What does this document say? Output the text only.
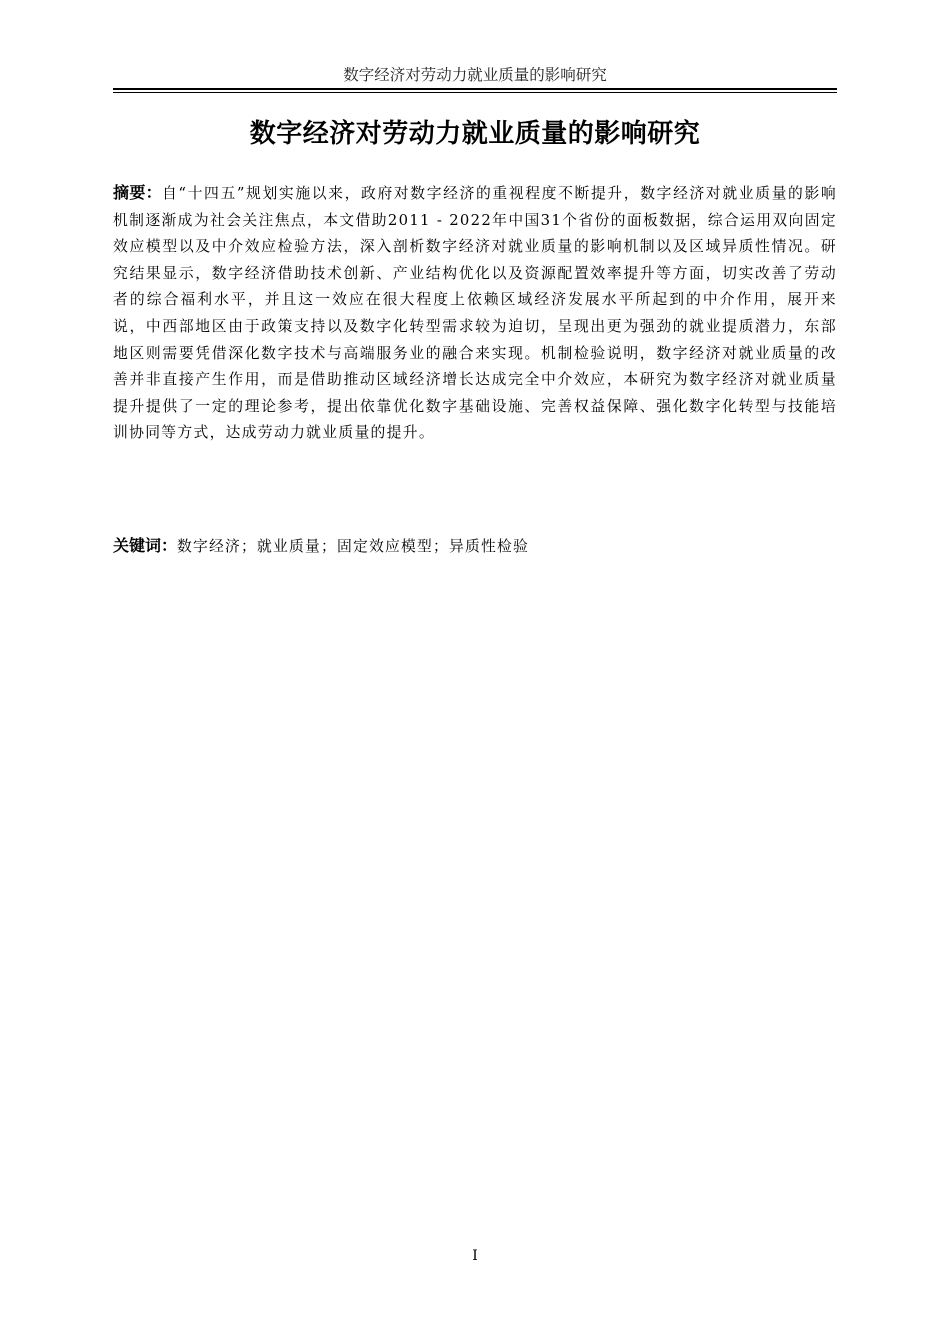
数字经济对劳动力就业质量的影响研究
数字经济对劳动力就业质量的影响研究

摘要：自“十四五”规划实施以来，政府对数字经济的重视程度不断提升，数字经济对就业质量的影响机制逐渐成为社会关注焦点，本文借助2011 - 2022年中国31个省份的面板数据，综合运用双向固定效应模型以及中介效应检验方法，深入剖析数字经济对就业质量的影响机制以及区域异质性情况。研究结果显示，数字经济借助技术创新、产业结构优化以及资源配置效率提升等方面，切实改善了劳动者的综合福利水平，并且这一效应在很大程度上依赖区域经济发展水平所起到的中介作用，展开来说，中西部地区由于政策支持以及数字化转型需求较为迫切，呈现出更为强劲的就业提质潜力，东部地区则需要凭借深化数字技术与高端服务业的融合来实现。机制检验说明，数字经济对就业质量的改善并非直接产生作用，而是借助推动区域经济增长达成完全中介效应，本研究为数字经济对就业质量提升提供了一定的理论参考，提出依靠优化数字基础设施、完善权益保障、强化数字化转型与技能培训协同等方式，达成劳动力就业质量的提升。

关键词：数字经济；就业质量；固定效应模型；异质性检验

I
